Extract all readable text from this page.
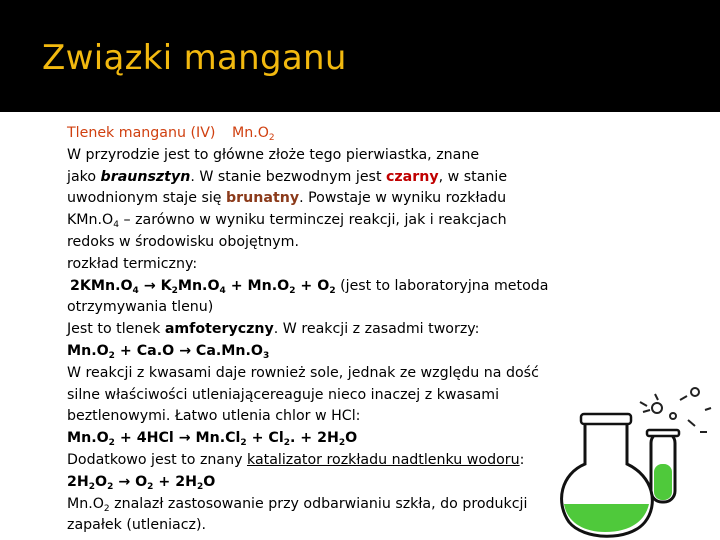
Związki manganu
Tlenek manganu (IV) $Mn.O_2$
W przyrodzie jest to główne złoże tego pierwiastka, znane
jako braunsztyn. W stanie bezwodnym jest czarny, w stanie
uwodnionym staje się brunatny. Powstaje w wyniku rozkładu
$KMn.O_4$ – zarówno w wyniku terminczej reakcji, jak i reakcjach
redoks w środowisku obojętnym.
rozkład termiczny:
$2KMn.O_4 \to K_2Mn.O_4 + Mn.O_2 + O_2$ (jest to laboratoryjna metoda
otrzymywania tlenu)
Jest to tlenek amfoteryczny. W reakcji z zasadmi tworzy:
$Mn.O_2 + Ca.O \to Ca.Mn.O_3$
W reakcji z kwasami daje rownież sole, jednak ze względu na dość
silne właściwości utleniającereaguje nieco inaczej z kwasami
beztlenowymi. Łatwo utlenia chlor w HCl:
$Mn.O_2 + 4HCl \to Mn.Cl_2 + Cl_2$. + $2H_2O$
Dodatkowo jest to znany katalizator rozkładu nadtlenku wodoru:
$2H_2O_2 \to O_2 + 2H_2O$
$Mn.O_2$ znalazł zastosowanie przy odbarwianiu szkła, do produkcji
zapałek (utleniacz).
